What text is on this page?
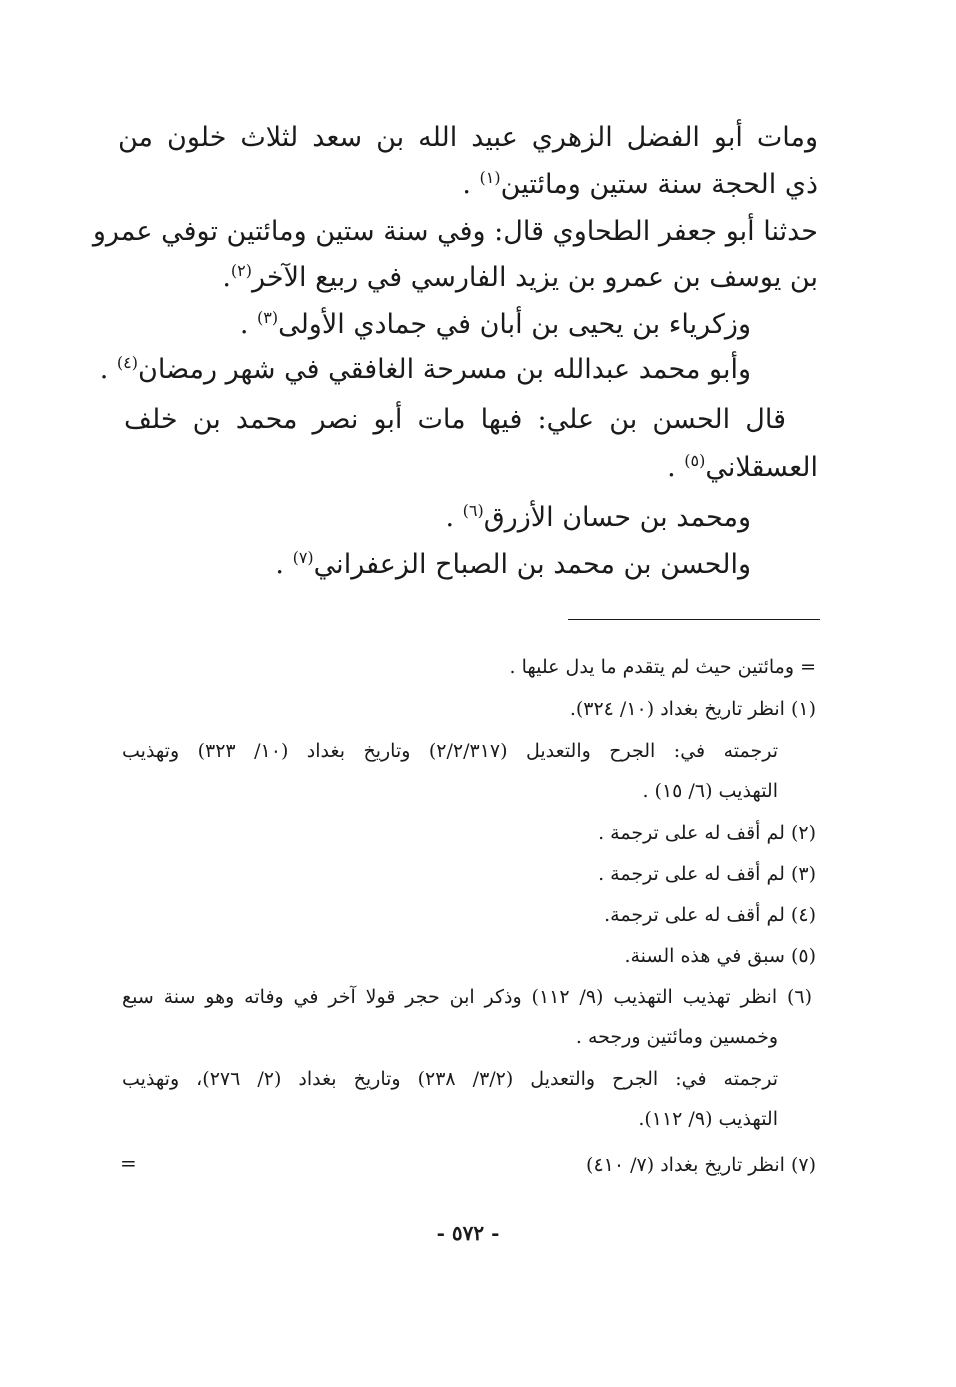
ومات أبو الفضل الزهري عبيد الله بن سعد لثلاث خلون من
ذي الحجة سنة ستين ومائتين$^{(١)}$ .
حدثنا أبو جعفر الطحاوي قال: وفي سنة ستين ومائتين توفي عمرو
بن يوسف بن عمرو بن يزيد الفارسي في ربيع الآخر$^{(٢)}$.
وزكرياء بن يحيى بن أبان في جمادي الأولى$^{(٣)}$ .
وأبو محمد عبدالله بن مسرحة الغافقي في شهر رمضان$^{(٤)}$ .
قال الحسن بن علي: فيها مات أبو نصر محمد بن خلف
العسقلاني$^{(٥)}$ .
ومحمد بن حسان الأزرق$^{(٦)}$ .
والحسن بن محمد بن الصباح الزعفراني$^{(٧)}$ .
= ومائتين حيث لم يتقدم ما يدل عليها .
(١) انظر تاريخ بغداد (١٠/ ٣٢٤).
ترجمته في: الجرح والتعديل (٢/٢/٣١٧) وتاريخ بغداد (١٠/ ٣٢٣) وتهذيب
التهذيب (٦/ ١٥) .
(٢) لم أقف له على ترجمة .
(٣) لم أقف له على ترجمة .
(٤) لم أقف له على ترجمة.
(٥) سبق في هذه السنة.
(٦) انظر تهذيب التهذيب (٩/ ١١٢) وذكر ابن حجر قولا آخر في وفاته وهو سنة سبع
وخمسين ومائتين ورجحه .
ترجمته في: الجرح والتعديل (٣/٢/ ٢٣٨) وتاريخ بغداد (٢/ ٢٧٦)، وتهذيب
التهذيب (٩/ ١١٢).
(٧) انظر تاريخ بغداد (٧/ ٤١٠)
=
- ٥٧٢ -
